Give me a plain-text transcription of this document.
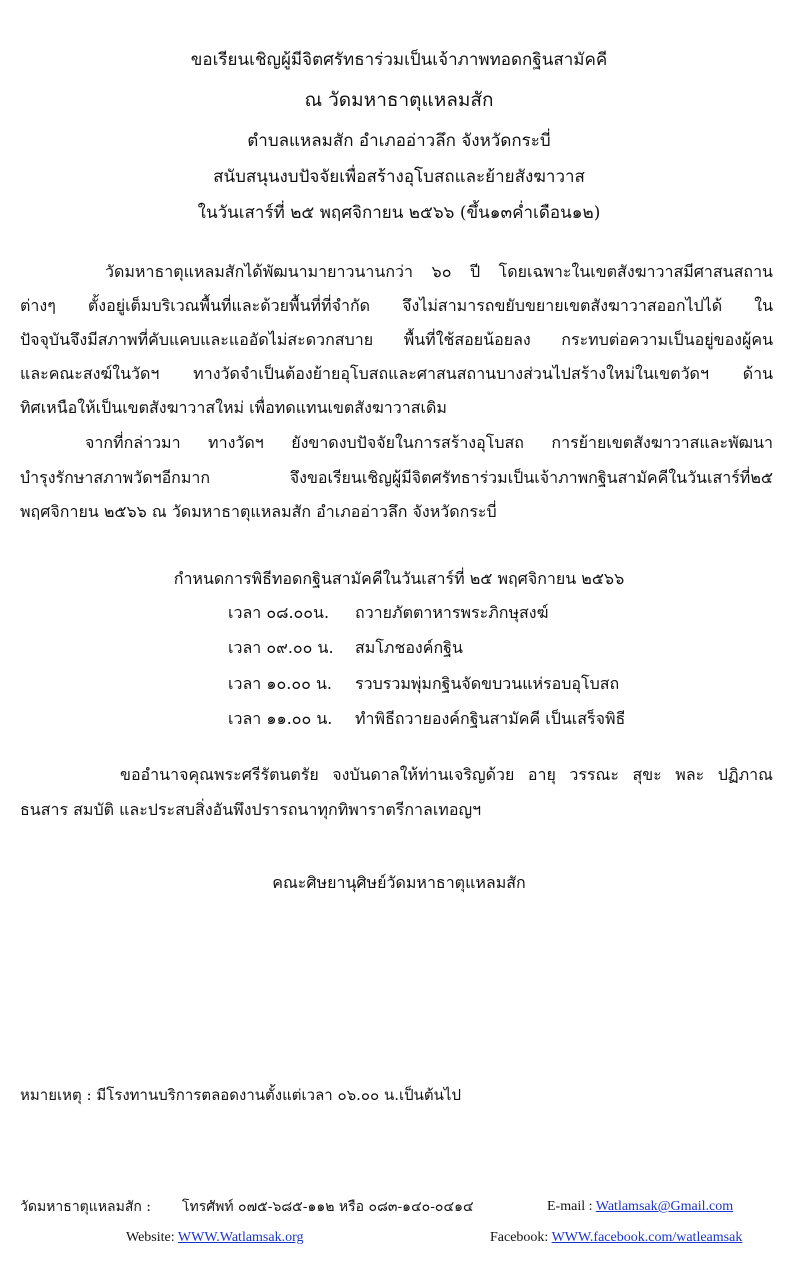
ขอเรียนเชิญผู้มีจิตศรัทธาร่วมเป็นเจ้าภาพทอดกฐินสามัคคี
ณ วัดมหาธาตุแหลมสัก
ตำบลแหลมสัก อำเภออ่าวลึก จังหวัดกระบี่
สนับสนุนงบปัจจัยเพื่อสร้างอุโบสถและย้ายสังฆาวาส
ในวันเสาร์ที่ ๒๕ พฤศจิกายน ๒๕๖๖ (ขึ้น๑๓ค่ำเดือน๑๒)
วัดมหาธาตุแหลมสักได้พัฒนามายาวนานกว่า ๖๐ ปี โดยเฉพาะในเขตสังฆาวาสมีศาสนสถาน
ต่างๆ ตั้งอยู่เต็มบริเวณพื้นที่และด้วยพื้นที่ที่จำกัด จึงไม่สามารถขยับขยายเขตสังฆาวาสออกไปได้ ใน
ปัจจุบันจึงมีสภาพที่คับแคบและแออัดไม่สะดวกสบาย พื้นที่ใช้สอยน้อยลง กระทบต่อความเป็นอยู่ของผู้คน
และคณะสงฆ์ในวัดฯ ทางวัดจำเป็นต้องย้ายอุโบสถและศาสนสถานบางส่วนไปสร้างใหม่ในเขตวัดฯ ด้าน
ทิศเหนือให้เป็นเขตสังฆาวาสใหม่ เพื่อทดแทนเขตสังฆาวาสเดิม
จากที่กล่าวมา ทางวัดฯ ยังขาดงบปัจจัยในการสร้างอุโบสถ การย้ายเขตสังฆาวาสและพัฒนา
บำรุงรักษาสภาพวัดฯอีกมาก จึงขอเรียนเชิญผู้มีจิตศรัทธาร่วมเป็นเจ้าภาพกฐินสามัคคีในวันเสาร์ที่๒๕
พฤศจิกายน ๒๕๖๖ ณ วัดมหาธาตุแหลมสัก อำเภออ่าวลึก จังหวัดกระบี่
กำหนดการพิธีทอดกฐินสามัคคีในวันเสาร์ที่ ๒๕ พฤศจิกายน ๒๕๖๖
เวลา ๐๘.๐๐น. ถวายภัตตาหารพระภิกษุสงฆ์
เวลา ๐๙.๐๐ น. สมโภชองค์กฐิน
เวลา ๑๐.๐๐ น. รวบรวมพุ่มกฐินจัดขบวนแห่รอบอุโบสถ
เวลา ๑๑.๐๐ น. ทำพิธีถวายองค์กฐินสามัคคี เป็นเสร็จพิธี
ขออำนาจคุณพระศรีรัตนตรัย จงบันดาลให้ท่านเจริญด้วย อายุ วรรณะ สุขะ พละ ปฏิภาณ
ธนสาร สมบัติ และประสบสิ่งอันพึงปรารถนาทุกทิพาราตรีกาลเทอญฯ
คณะศิษยานุศิษย์วัดมหาธาตุแหลมสัก
หมายเหตุ : มีโรงทานบริการตลอดงานตั้งแต่เวลา ๐๖.๐๐ น.เป็นต้นไป
วัดมหาธาตุแหลมสัก : โทรศัพท์ ๐๗๕-๖๘๕-๑๑๒ หรือ ๐๘๓-๑๔๐-๐๔๑๔	E-mail : Watlamsak@Gmail.com
Website: WWW.Watlamsak.org	Facebook: WWW.facebook.com/watleamsak
